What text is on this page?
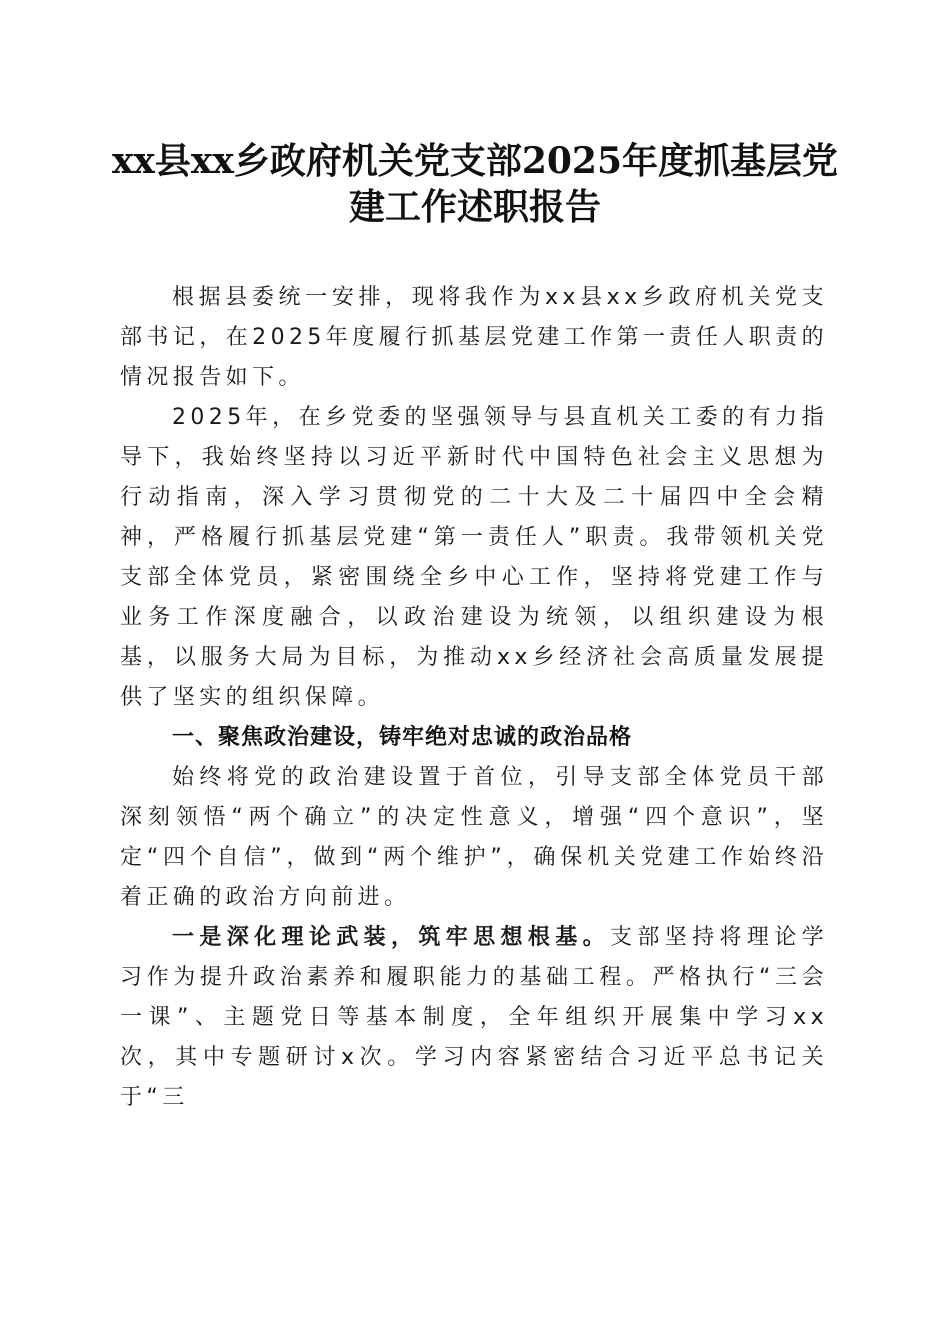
xx县xx乡政府机关党支部2025年度抓基层党
建工作述职报告

根据县委统一安排，现将我作为xx县xx乡政府机关党支部书记，在2025年度履行抓基层党建工作第一责任人职责的情况报告如下。

2025年，在乡党委的坚强领导与县直机关工委的有力指导下，我始终坚持以习近平新时代中国特色社会主义思想为行动指南，深入学习贯彻党的二十大及二十届四中全会精神，严格履行抓基层党建“第一责任人”职责。我带领机关党支部全体党员，紧密围绕全乡中心工作，坚持将党建工作与业务工作深度融合，以政治建设为统领，以组织建设为根基，以服务大局为目标，为推动xx乡经济社会高质量发展提供了坚实的组织保障。

一、聚焦政治建设，铸牢绝对忠诚的政治品格

始终将党的政治建设置于首位，引导支部全体党员干部深刻领悟“两个确立”的决定性意义，增强“四个意识”，坚定“四个自信”，做到“两个维护”，确保机关党建工作始终沿着正确的政治方向前进。

一是深化理论武装，筑牢思想根基。支部坚持将理论学习作为提升政治素养和履职能力的基础工程。严格执行“三会一课”、主题党日等基本制度，全年组织开展集中学习xx次，其中专题研讨x次。学习内容紧密结合习近平总书记关于“三
